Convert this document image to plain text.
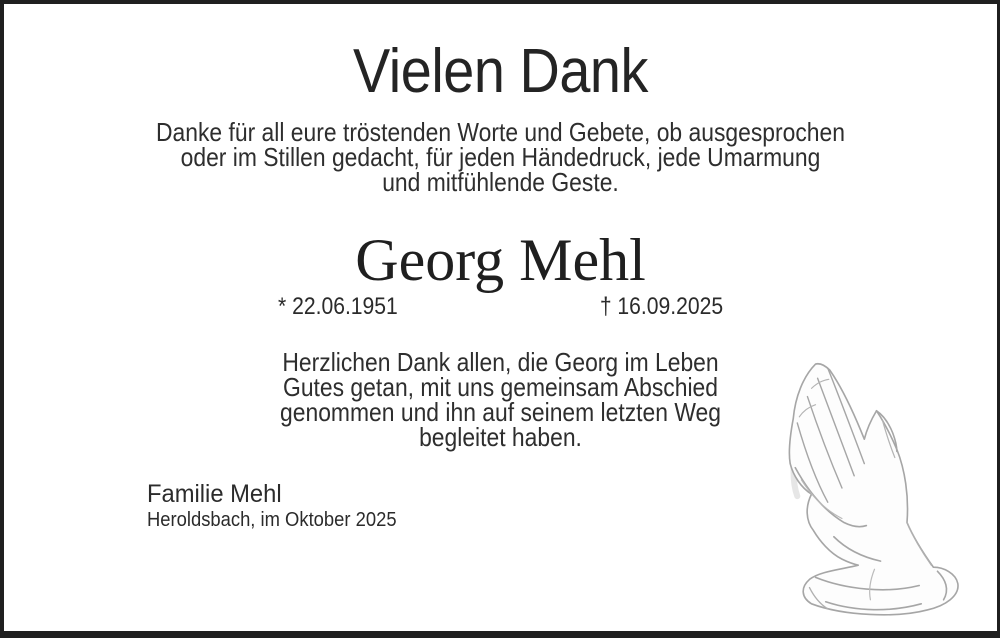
Vielen Dank

Danke für all eure tröstenden Worte und Gebete, ob ausgesprochen
oder im Stillen gedacht, für jeden Händedruck, jede Umarmung
und mitfühlende Geste.

Georg Mehl
* 22.06.1951	† 16.09.2025

Herzlichen Dank allen, die Georg im Leben
Gutes getan, mit uns gemeinsam Abschied
genommen und ihn auf seinem letzten Weg
begleitet haben.

Familie Mehl
Heroldsbach, im Oktober 2025
